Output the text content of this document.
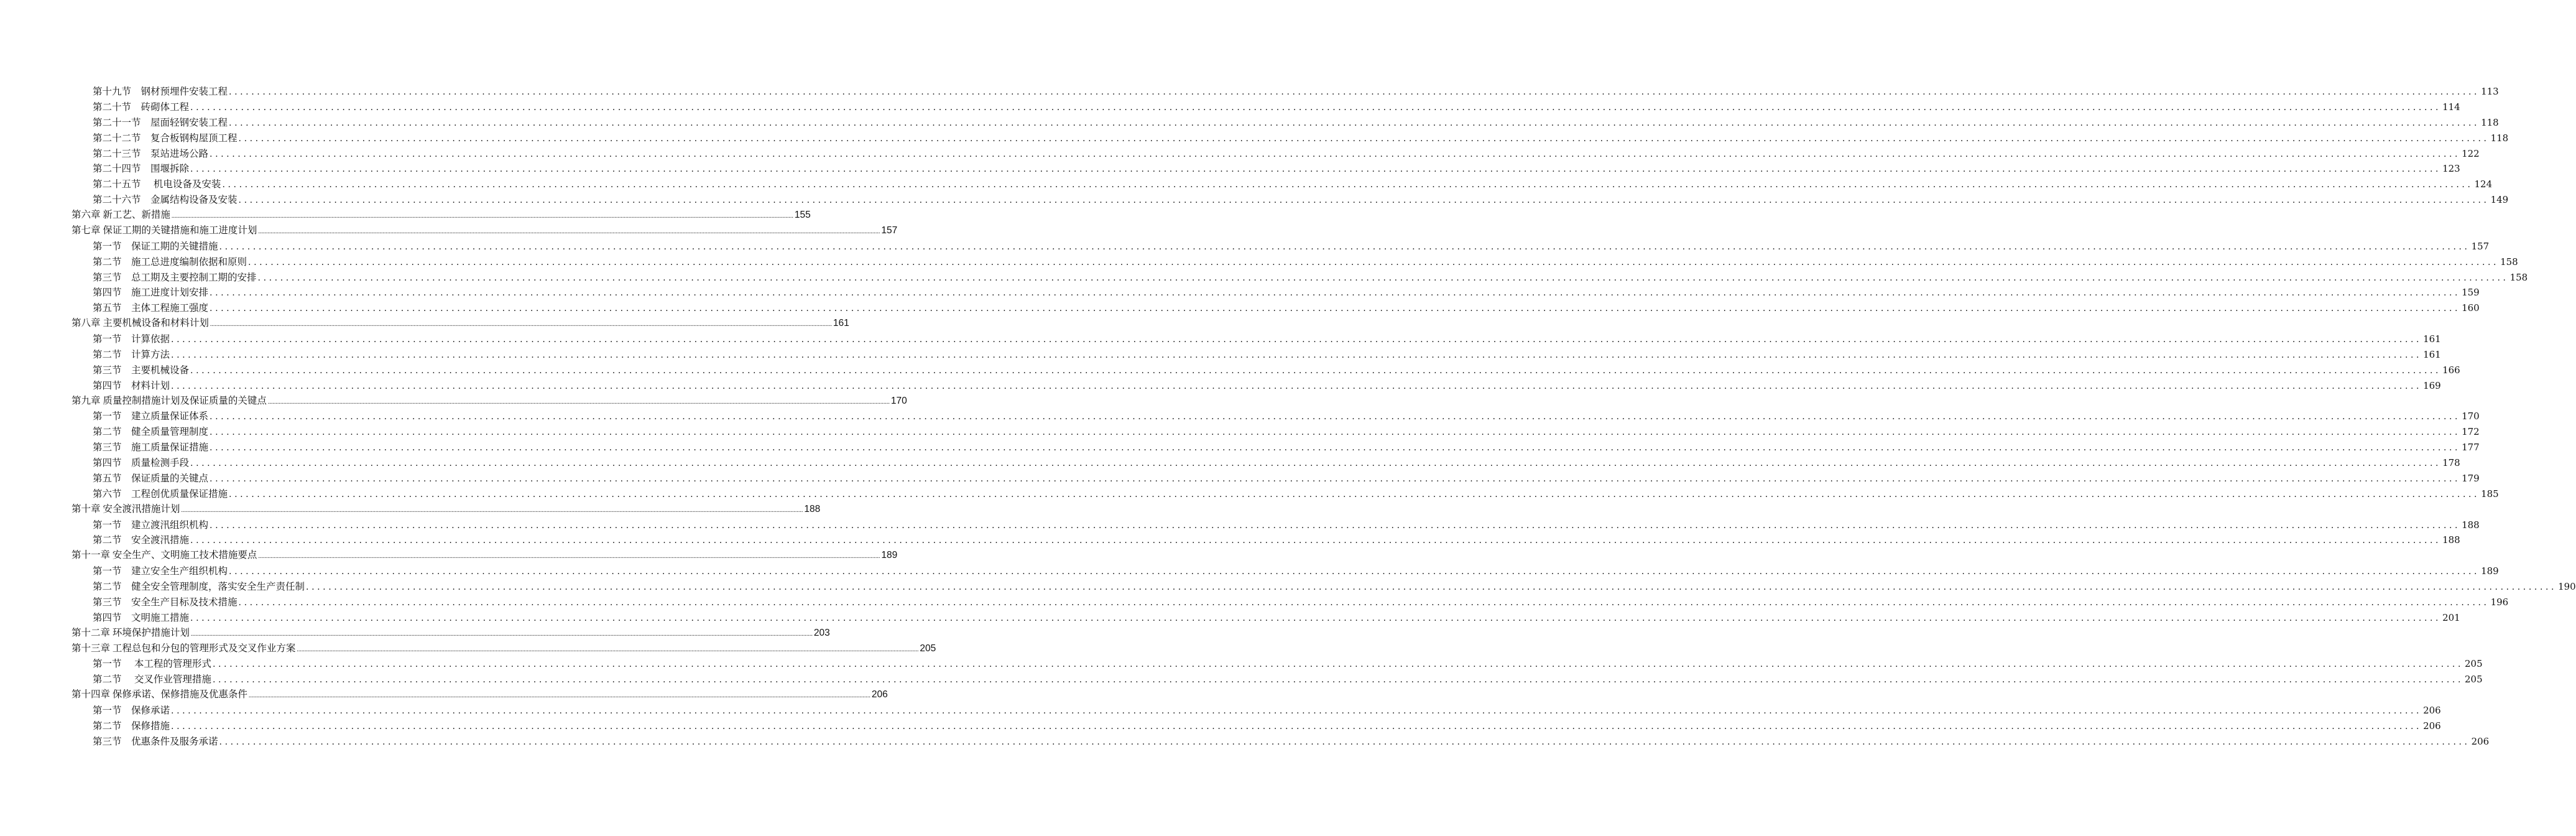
第十九节　钢材预埋件安装工程 ................................................................................................................................................................................................................................................................................................................................................................................................................ 113
第二十节　砖砌体工程 ................................................................................................................................................................................................................................................................................................................................................................................................................ 114
第二十一节　屋面轻钢安装工程 ................................................................................................................................................................................................................................................................................................................................................................................................................ 118
第二十二节　复合板钢构屋顶工程 ................................................................................................................................................................................................................................................................................................................................................................................................................ 118
第二十三节　泵站进场公路 ................................................................................................................................................................................................................................................................................................................................................................................................................ 122
第二十四节　围堰拆除 ................................................................................................................................................................................................................................................................................................................................................................................................................ 123
第二十五节　 机电设备及安装 ................................................................................................................................................................................................................................................................................................................................................................................................................ 124
第二十六节　金属结构设备及安装 ................................................................................................................................................................................................................................................................................................................................................................................................................ 149
第六章 新工艺、新措施 ................................................................................................................................................................................................................................................................................................................................................................................................................ 155
第七章 保证工期的关键措施和施工进度计划 ................................................................................................................................................................................................................................................................................................................................................................................................................ 157
第一节　保证工期的关键措施 ................................................................................................................................................................................................................................................................................................................................................................................................................ 157
第二节　施工总进度编制依据和原则 ................................................................................................................................................................................................................................................................................................................................................................................................................ 158
第三节　总工期及主要控制工期的安排 ................................................................................................................................................................................................................................................................................................................................................................................................................ 158
第四节　施工进度计划安排 ................................................................................................................................................................................................................................................................................................................................................................................................................ 159
第五节　主体工程施工强度 ................................................................................................................................................................................................................................................................................................................................................................................................................ 160
第八章 主要机械设备和材料计划 ................................................................................................................................................................................................................................................................................................................................................................................................................ 161
第一节　计算依据 ................................................................................................................................................................................................................................................................................................................................................................................................................ 161
第二节　计算方法 ................................................................................................................................................................................................................................................................................................................................................................................................................ 161
第三节　主要机械设备 ................................................................................................................................................................................................................................................................................................................................................................................................................ 166
第四节　材料计划 ................................................................................................................................................................................................................................................................................................................................................................................................................ 169
第九章 质量控制措施计划及保证质量的关键点 ................................................................................................................................................................................................................................................................................................................................................................................................................ 170
第一节　建立质量保证体系 ................................................................................................................................................................................................................................................................................................................................................................................................................ 170
第二节　健全质量管理制度 ................................................................................................................................................................................................................................................................................................................................................................................................................ 172
第三节　施工质量保证措施 ................................................................................................................................................................................................................................................................................................................................................................................................................ 177
第四节　质量检测手段 ................................................................................................................................................................................................................................................................................................................................................................................................................ 178
第五节　保证质量的关键点 ................................................................................................................................................................................................................................................................................................................................................................................................................ 179
第六节　工程创优质量保证措施 ................................................................................................................................................................................................................................................................................................................................................................................................................ 185
第十章 安全渡汛措施计划 ................................................................................................................................................................................................................................................................................................................................................................................................................ 188
第一节　建立渡汛组织机构 ................................................................................................................................................................................................................................................................................................................................................................................................................ 188
第二节　安全渡汛措施 ................................................................................................................................................................................................................................................................................................................................................................................................................ 188
第十一章 安全生产、文明施工技术措施要点 ................................................................................................................................................................................................................................................................................................................................................................................................................ 189
第一节　建立安全生产组织机构 ................................................................................................................................................................................................................................................................................................................................................................................................................ 189
第二节　健全安全管理制度，落实安全生产责任制 ................................................................................................................................................................................................................................................................................................................................................................................................................ 190
第三节　安全生产目标及技术措施 ................................................................................................................................................................................................................................................................................................................................................................................................................ 196
第四节　文明施工措施 ................................................................................................................................................................................................................................................................................................................................................................................................................ 201
第十二章 环境保护措施计划 ................................................................................................................................................................................................................................................................................................................................................................................................................ 203
第十三章 工程总包和分包的管理形式及交叉作业方案 ................................................................................................................................................................................................................................................................................................................................................................................................................ 205
第一节　 本工程的管理形式 ................................................................................................................................................................................................................................................................................................................................................................................................................ 205
第二节　 交叉作业管理措施 ................................................................................................................................................................................................................................................................................................................................................................................................................ 205
第十四章 保修承诺、保修措施及优惠条件 ................................................................................................................................................................................................................................................................................................................................................................................................................ 206
第一节　保修承诺 ................................................................................................................................................................................................................................................................................................................................................................................................................ 206
第二节　保修措施 ................................................................................................................................................................................................................................................................................................................................................................................................................ 206
第三节　优惠条件及服务承诺 ................................................................................................................................................................................................................................................................................................................................................................................................................ 206
